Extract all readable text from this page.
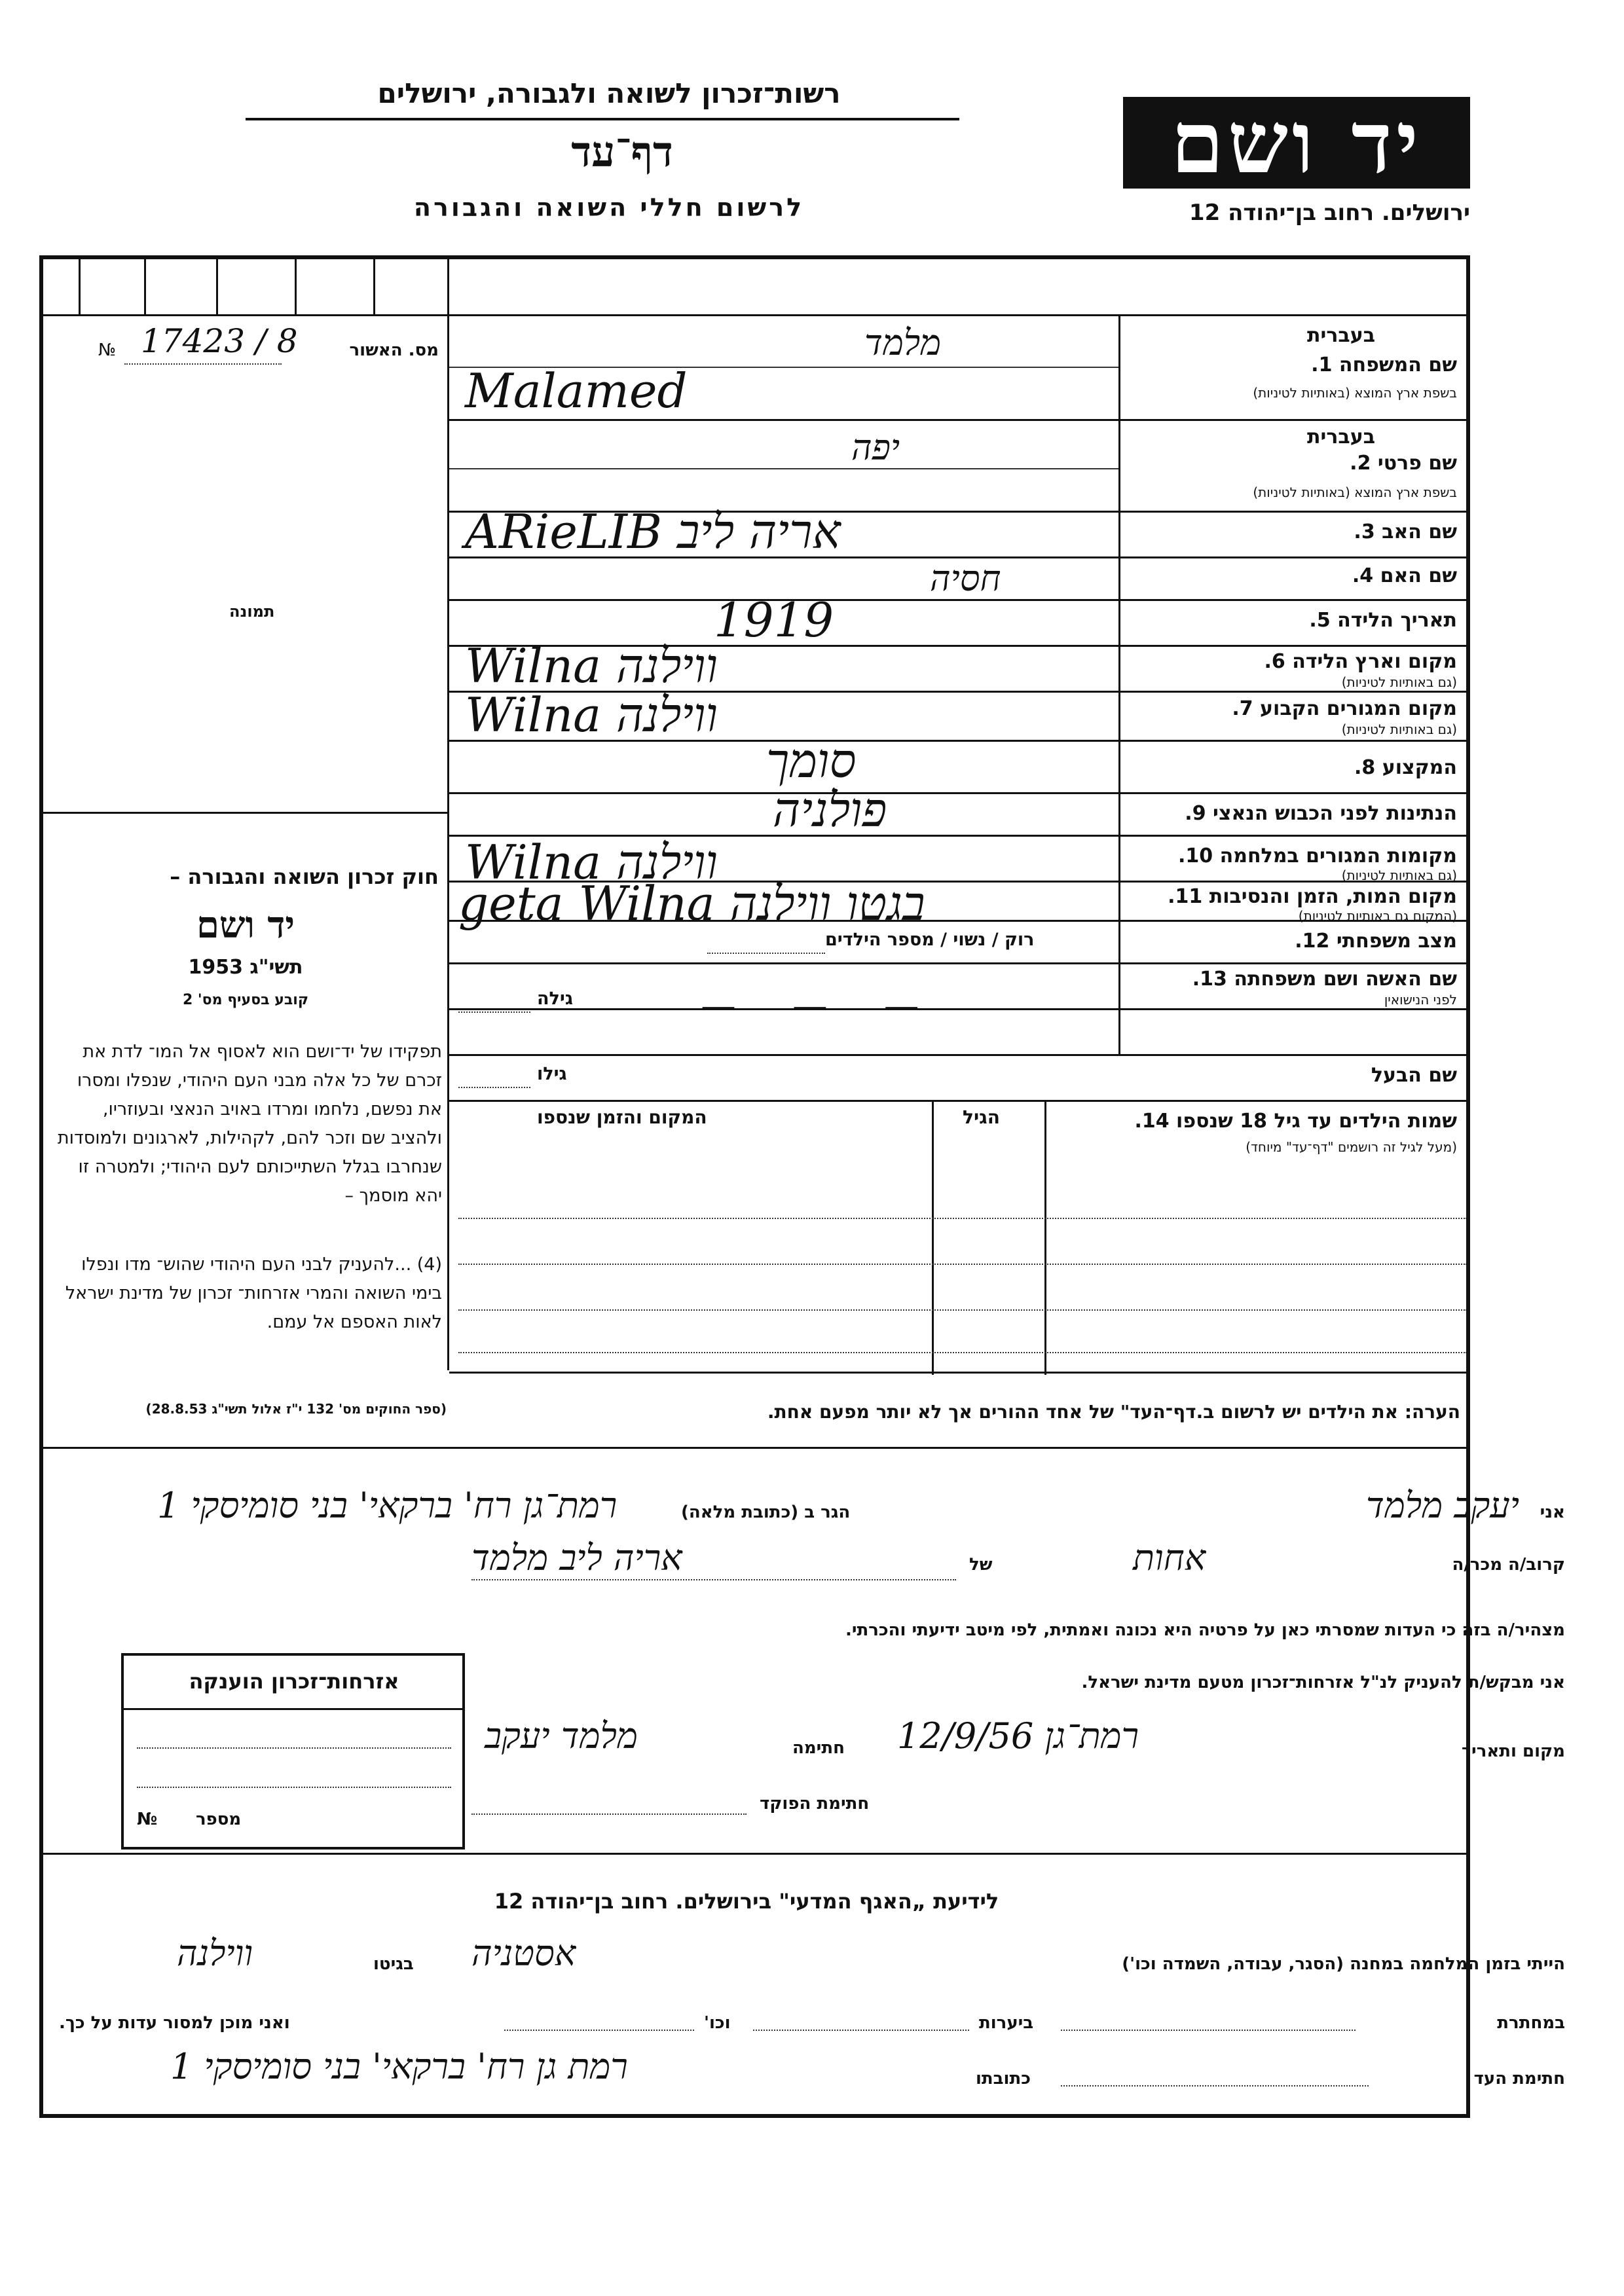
רשות־זכרון לשואה ולגבורה, ירושלים
דף־עד
לרשום חללי השואה והגבורה
יד ושם
ירושלים. רחוב בן־יהודה 12
№ 17423 / 8	מס. האשור
תמונה
בעברית
שם המשפחה 1.
בשפת ארץ המוצא (באותיות לטיניות)
מלמד
Malamed
בעברית
שם פרטי 2.
בשפת ארץ המוצא (באותיות לטיניות)
יפה
שם האב 3.
ARieLIB אריה ליב
שם האם 4.
חסיה
תאריך הלידה 5.
1919
מקום וארץ הלידה 6.
(גם באותיות לטיניות)
Wilna ווילנה
מקום המגורים הקבוע 7.
(גם באותיות לטיניות)
Wilna ווילנה
המקצוע 8.
סומך
הנתינות לפני הכבוש הנאצי 9.
פולניה
מקומות המגורים במלחמה 10.
(גם באותיות לטיניות)
Wilna ווילנה
מקום המות, הזמן והנסיבות 11.
(המקום גם באותיות לטיניות)
geta Wilna בגטו ווילנה
מצב משפחתי 12.
רוק / נשוי / מספר הילדים
שם האשה ושם משפחתה 13.
לפני הנישואין
גילה	—     —     —
שם הבעל
גילו
שמות הילדים עד גיל 18 שנספו 14.
(מעל לגיל זה רושמים "דף־עד" מיוחד)
הגיל
המקום והזמן שנספו
חוק זכרון השואה והגבורה –
יד ושם
תשי"ג 1953
קובע בסעיף מס' 2
תפקידו של יד־ושם הוא לאסוף אל המו־ לדת את זכרם של כל אלה מבני העם היהודי, שנפלו ומסרו את נפשם, נלחמו ומרדו באויב הנאצי ובעוזריו, ולהציב שם וזכר להם, לקהילות, לארגונים ולמוסדות שנחרבו בגלל השתייכותם לעם היהודי; ולמטרה זו יהא מוסמך –
(4) ...להעניק לבני העם היהודי שהוש־ מדו ונפלו בימי השואה והמרי אזרחות־ זכרון של מדינת ישראל לאות האספם אל עמם.
(ספר החוקים מס' 132 י"ז אלול תשי"ג 28.8.53)	הערה: את הילדים יש לרשום ב.דף־העד" של אחד ההורים אך לא יותר מפעם אחת.
אני
יעקב מלמד
הגר ב (כתובת מלאה)
רמת־גן רח' ברקאי' בני סומיסקי 1
קרוב/ה מכר/ה
אחות
של
אריה ליב מלמד
מצהיר/ה בזה כי העדות שמסרתי כאן על פרטיה היא נכונה ואמתית, לפי מיטב ידיעתי והכרתי.
אני מבקש/ת להעניק לנ"ל אזרחות־זכרון מטעם מדינת ישראל.
מקום ותאריך
רמת־גן 12/9/56
חתימה
מלמד יעקב
חתימת הפוקד
אזרחות־זכרון הוענקה
№ מספר
לידיעת „האגף המדעי" בירושלים. רחוב בן־יהודה 12
הייתי בזמן המלחמה במחנה (הסגר, עבודה, השמדה וכו')
אסטניה
בגיטו
ווילנה
במחתרת
ביערות
וכו'
ואני מוכן למסור עדות על כך.
חתימת העד
כתובתו
רמת גן רח' ברקאי' בני סומיסקי 1
